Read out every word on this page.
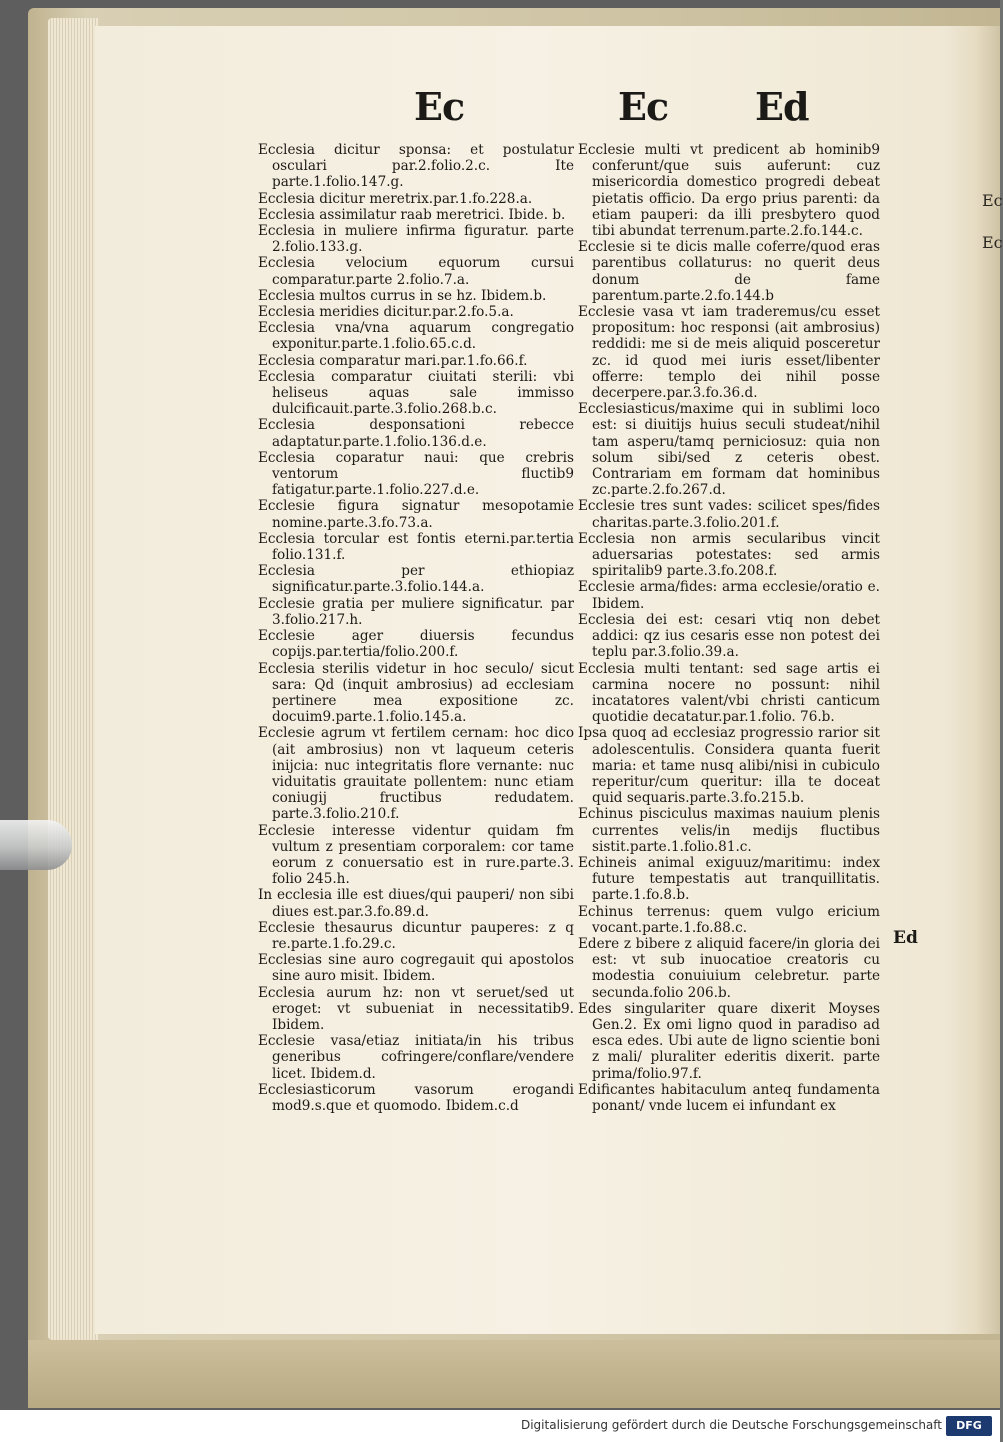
Ec
Ec
Ec	Ec Ed
Ecclesia dicitur sponsa: et postulatur osculari par.2.folio.2.c. Ite parte.1.folio.147.g.
Ecclesia dicitur meretrix.par.1.fo.228.a.
Ecclesia assimilatur raab meretrici. Ibide. b.
Ecclesia in muliere infirma figuratur. parte 2.folio.133.g.
Ecclesia velocium equorum cursui comparatur.parte 2.folio.7.a.
Ecclesia multos currus in se hz. Ibidem.b.
Ecclesia meridies dicitur.par.2.fo.5.a.
Ecclesia vna/vna aquarum congregatio exponitur.parte.1.folio.65.c.d.
Ecclesia comparatur mari.par.1.fo.66.f.
Ecclesia comparatur ciuitati sterili: vbi heliseus aquas sale immisso dulcificauit.parte.3.folio.268.b.c.
Ecclesia desponsationi rebecce adaptatur.parte.1.folio.136.d.e.
Ecclesia coparatur naui: que crebris ventorum fluctib9 fatigatur.parte.1.folio.227.d.e.
Ecclesie figura signatur mesopotamie nomine.parte.3.fo.73.a.
Ecclesia torcular est fontis eterni.par.tertia folio.131.f.
Ecclesia per ethiopiaz significatur.parte.3.folio.144.a.
Ecclesie gratia per muliere significatur. par 3.folio.217.h.
Ecclesie ager diuersis fecundus copijs.par.tertia/folio.200.f.
Ecclesia sterilis videtur in hoc seculo/ sicut sara: Qd (inquit ambrosius) ad ecclesiam pertinere mea expositione zc. docuim9.parte.1.folio.145.a.
Ecclesie agrum vt fertilem cernam: hoc dico (ait ambrosius) non vt laqueum ceteris inijcia: nuc integritatis flore vernante: nuc viduitatis grauitate pollentem: nunc etiam coniugij fructibus redudatem. parte.3.folio.210.f.
Ecclesie interesse videntur quidam fm vultum z presentiam corporalem: cor tame eorum z conuersatio est in rure.parte.3. folio 245.h.
In ecclesia ille est diues/qui pauperi/ non sibi diues est.par.3.fo.89.d.
Ecclesie thesaurus dicuntur pauperes: z q re.parte.1.fo.29.c.
Ecclesias sine auro cogregauit qui apostolos sine auro misit. Ibidem.
Ecclesia aurum hz: non vt seruet/sed ut eroget: vt subueniat in necessitatib9. Ibidem.
Ecclesie vasa/etiaz initiata/in his tribus generibus cofringere/conflare/vendere licet. Ibidem.d.
Ecclesiasticorum vasorum erogandi mod9.s.que et quomodo. Ibidem.c.d
Ecclesie multi vt predicent ab hominib9 conferunt/que suis auferunt: cuz misericordia domestico progredi debeat pietatis officio. Da ergo prius parenti: da etiam pauperi: da illi presbytero quod tibi abundat terrenum.parte.2.fo.144.c.
Ecclesie si te dicis malle coferre/quod eras parentibus collaturus: no querit deus donum de fame parentum.parte.2.fo.144.b
Ecclesie vasa vt iam traderemus/cu esset propositum: hoc responsi (ait ambrosius) reddidi: me si de meis aliquid posceretur zc. id quod mei iuris esset/libenter offerre: templo dei nihil posse decerpere.par.3.fo.36.d.
Ecclesiasticus/maxime qui in sublimi loco est: si diuitijs huius seculi studeat/nihil tam asperu/tamq perniciosuz: quia non solum sibi/sed z ceteris obest. Contrariam em formam dat hominibus zc.parte.2.fo.267.d.
Ecclesie tres sunt vades: scilicet spes/fides charitas.parte.3.folio.201.f.
Ecclesia non armis secularibus vincit aduersarias potestates: sed armis spiritalib9 parte.3.fo.208.f.
Ecclesie arma/fides: arma ecclesie/oratio e. Ibidem.
Ecclesia dei est: cesari vtiq non debet addici: qz ius cesaris esse non potest dei teplu par.3.folio.39.a.
Ecclesia multi tentant: sed sage artis ei carmina nocere no possunt: nihil incatatores valent/vbi christi canticum quotidie decatatur.par.1.folio. 76.b.
Ipsa quoq ad ecclesiaz progressio rarior sit adolescentulis. Considera quanta fuerit maria: et tame nusq alibi/nisi in cubiculo reperitur/cum queritur: illa te doceat quid sequaris.parte.3.fo.215.b.
Echinus pisciculus maximas nauium plenis currentes velis/in medijs fluctibus sistit.parte.1.folio.81.c.
Echineis animal exiguuz/maritimu: index future tempestatis aut tranquillitatis. parte.1.fo.8.b.
Echinus terrenus: quem vulgo ericium vocant.parte.1.fo.88.c.
Edere z bibere z aliquid facere/in gloria dei est: vt sub inuocatioe creatoris cu modestia conuiuium celebretur. parte secunda.folio 206.b.
Edes singulariter quare dixerit Moyses Gen.2. Ex omi ligno quod in paradiso ad esca edes. Ubi aute de ligno scientie boni z mali/ pluraliter ederitis dixerit. parte prima/folio.97.f.
Edificantes habitaculum anteq fundamenta ponant/ vnde lucem ei infundant ex
Ed
Digitalisierung gefördert durch die Deutsche Forschungsgemeinschaft	DFG
